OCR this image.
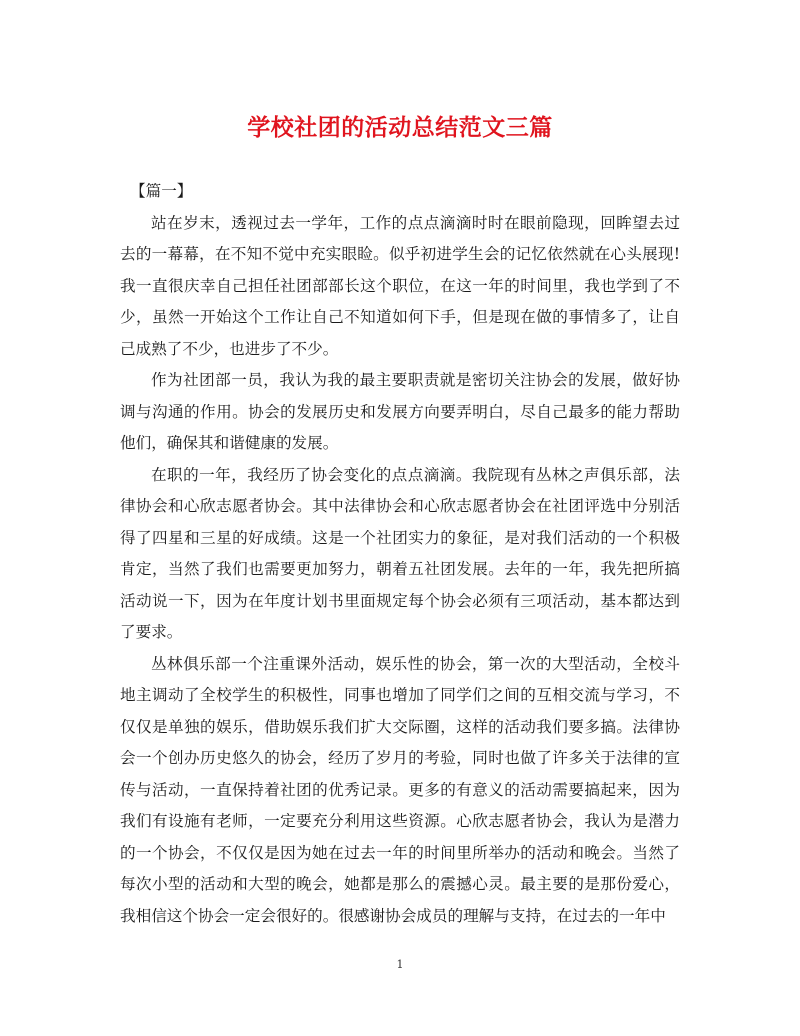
学校社团的活动总结范文三篇

【篇一】

站在岁末，透视过去一学年，工作的点点滴滴时时在眼前隐现，回眸望去过去的一幕幕，在不知不觉中充实眼睑。似乎初进学生会的记忆依然就在心头展现!我一直很庆幸自己担任社团部部长这个职位，在这一年的时间里，我也学到了不少，虽然一开始这个工作让自己不知道如何下手，但是现在做的事情多了，让自己成熟了不少，也进步了不少。

作为社团部一员，我认为我的最主要职责就是密切关注协会的发展，做好协调与沟通的作用。协会的发展历史和发展方向要弄明白，尽自己最多的能力帮助他们，确保其和谐健康的发展。

在职的一年，我经历了协会变化的点点滴滴。我院现有丛林之声俱乐部，法律协会和心欣志愿者协会。其中法律协会和心欣志愿者协会在社团评选中分别活得了四星和三星的好成绩。这是一个社团实力的象征，是对我们活动的一个积极肯定，当然了我们也需要更加努力，朝着五社团发展。去年的一年，我先把所搞活动说一下，因为在年度计划书里面规定每个协会必须有三项活动，基本都达到了要求。

丛林俱乐部一个注重课外活动，娱乐性的协会，第一次的大型活动，全校斗地主调动了全校学生的积极性，同事也增加了同学们之间的互相交流与学习，不仅仅是单独的娱乐，借助娱乐我们扩大交际圈，这样的活动我们要多搞。法律协会一个创办历史悠久的协会，经历了岁月的考验，同时也做了许多关于法律的宣传与活动，一直保持着社团的优秀记录。更多的有意义的活动需要搞起来，因为我们有设施有老师，一定要充分利用这些资源。心欣志愿者协会，我认为是潜力的一个协会，不仅仅是因为她在过去一年的时间里所举办的活动和晚会。当然了每次小型的活动和大型的晚会，她都是那么的震撼心灵。最主要的是那份爱心，我相信这个协会一定会很好的。很感谢协会成员的理解与支持，在过去的一年中

1
